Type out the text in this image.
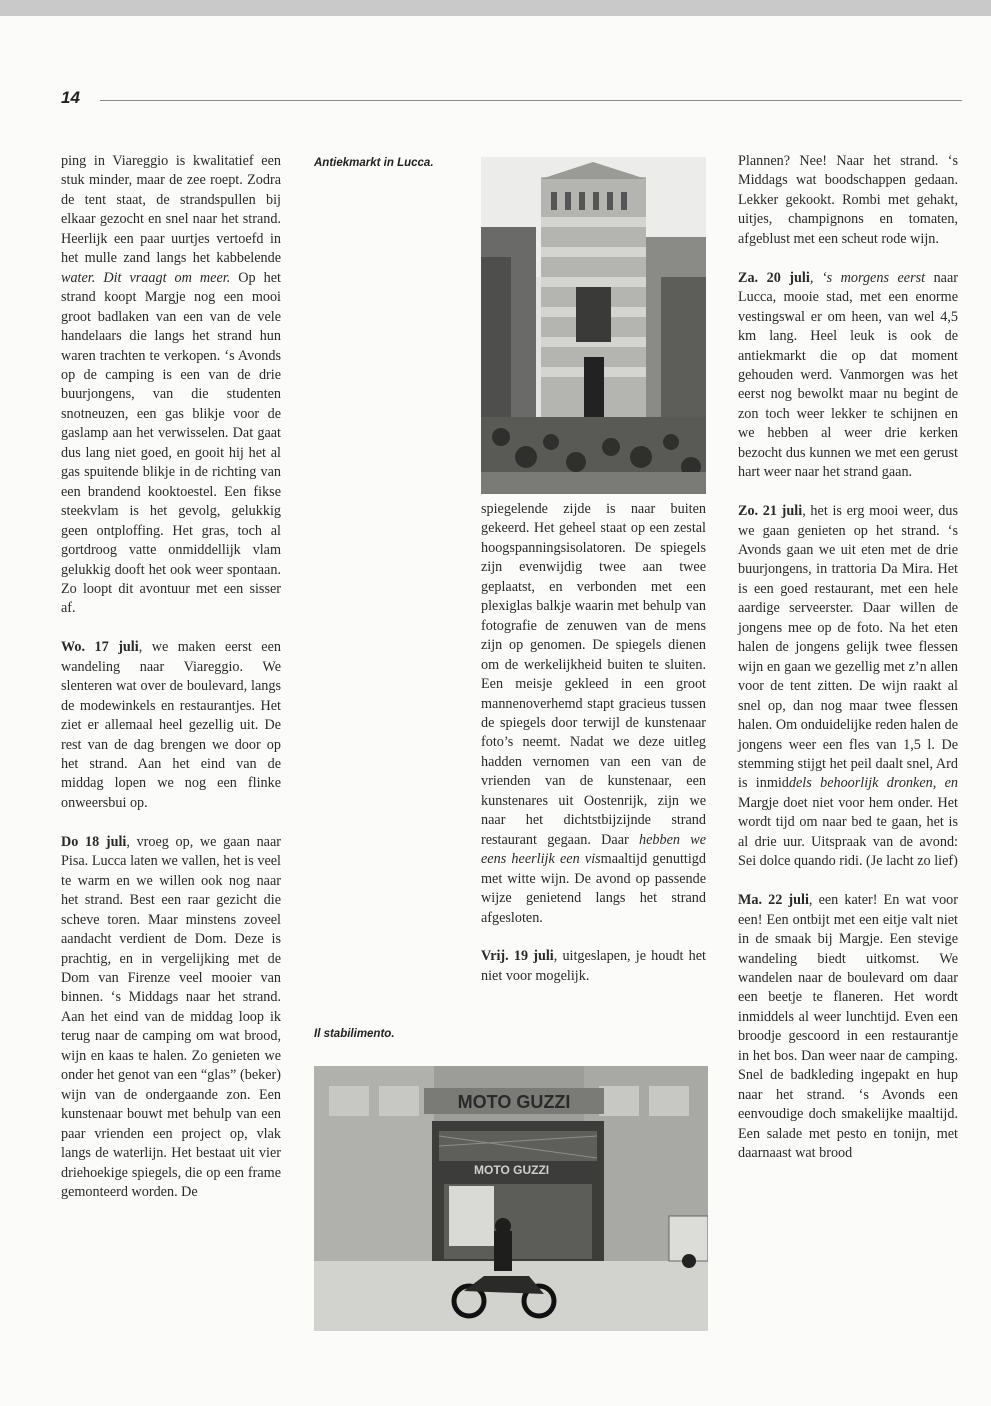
14

ping in Viareggio is kwalitatief een stuk minder, maar de zee roept. Zodra de tent staat, de strandspullen bij elkaar gezocht en snel naar het strand. Heerlijk een paar uurtjes vertoefd in het mulle zand langs het kabbelende water. Dit vraagt om meer. Op het strand koopt Margje nog een mooi groot badlaken van een van de vele handelaars die langs het strand hun waren trachten te verkopen. ‘s Avonds op de camping is een van de drie buurjongens, van die studenten snotneuzen, een gas blikje voor de gaslamp aan het verwisselen. Dat gaat dus lang niet goed, en gooit hij het al gas spuitende blikje in de richting van een brandend kooktoestel. Een fikse steekvlam is het gevolg, gelukkig geen ontploffing. Het gras, toch al gortdroog vatte onmiddellijk vlam gelukkig dooft het ook weer spontaan. Zo loopt dit avontuur met een sisser af.

Wo. 17 juli, we maken eerst een wandeling naar Viareggio. We slenteren wat over de boulevard, langs de modewinkels en restaurantjes. Het ziet er allemaal heel gezellig uit. De rest van de dag brengen we door op het strand. Aan het eind van de middag lopen we nog een flinke onweersbui op.

Do 18 juli, vroeg op, we gaan naar Pisa. Lucca laten we vallen, het is veel te warm en we willen ook nog naar het strand. Best een raar gezicht die scheve toren. Maar minstens zoveel aandacht verdient de Dom. Deze is prachtig, en in vergelijking met de Dom van Firenze veel mooier van binnen. ‘s Middags naar het strand. Aan het eind van de middag loop ik terug naar de camping om wat brood, wijn en kaas te halen. Zo genieten we onder het genot van een “glas” (beker) wijn van de ondergaande zon. Een kunstenaar bouwt met behulp van een paar vrienden een project op, vlak langs de waterlijn. Het bestaat uit vier driehoekige spiegels, die op een frame gemonteerd worden. De

Antiekmarkt in Lucca.
Il stabilimento.

spiegelende zijde is naar buiten gekeerd. Het geheel staat op een zestal hoogspanningsisolatoren. De spiegels zijn evenwijdig twee aan twee geplaatst, en verbonden met een plexiglas balkje waarin met behulp van fotografie de zenuwen van de mens zijn op genomen. De spiegels dienen om de werkelijkheid buiten te sluiten. Een meisje gekleed in een groot mannenoverhemd stapt gracieus tussen de spiegels door terwijl de kunstenaar foto’s neemt. Nadat we deze uitleg hadden vernomen van een van de vrienden van de kunstenaar, een kunstenares uit Oostenrijk, zijn we naar het dichtstbijzijnde strand restaurant gegaan. Daar hebben we eens heerlijk een vismaaltijd genuttigd met witte wijn. De avond op passende wijze genietend langs het strand afgesloten.

Vrij. 19 juli, uitgeslapen, je houdt het niet voor mogelijk.

MOTO GUZZI
MOTO GUZZI

Plannen? Nee! Naar het strand. ‘s Middags wat boodschappen gedaan. Lekker gekookt. Rombi met gehakt, uitjes, champignons en tomaten, afgeblust met een scheut rode wijn.

Za. 20 juli, ‘s morgens eerst naar Lucca, mooie stad, met een enorme vestingswal er om heen, van wel 4,5 km lang. Heel leuk is ook de antiekmarkt die op dat moment gehouden werd. Vanmorgen was het eerst nog bewolkt maar nu begint de zon toch weer lekker te schijnen en we hebben al weer drie kerken bezocht dus kunnen we met een gerust hart weer naar het strand gaan.

Zo. 21 juli, het is erg mooi weer, dus we gaan genieten op het strand. ‘s Avonds gaan we uit eten met de drie buurjongens, in trattoria Da Mira. Het is een goed restaurant, met een hele aardige serveerster. Daar willen de jongens mee op de foto. Na het eten halen de jongens gelijk twee flessen wijn en gaan we gezellig met z’n allen voor de tent zitten. De wijn raakt al snel op, dan nog maar twee flessen halen. Om onduidelijke reden halen de jongens weer een fles van 1,5 l. De stemming stijgt het peil daalt snel, Ard is inmiddels behoorlijk dronken, en Margje doet niet voor hem onder. Het wordt tijd om naar bed te gaan, het is al drie uur. Uitspraak van de avond: Sei dolce quando ridi. (Je lacht zo lief)

Ma. 22 juli, een kater! En wat voor een! Een ontbijt met een eitje valt niet in de smaak bij Margje. Een stevige wandeling biedt uitkomst. We wandelen naar de boulevard om daar een beetje te flaneren. Het wordt inmiddels al weer lunchtijd. Even een broodje gescoord in een restaurantje in het bos. Dan weer naar de camping. Snel de badkleding ingepakt en hup naar het strand. ‘s Avonds een eenvoudige doch smakelijke maaltijd. Een salade met pesto en tonijn, met daarnaast wat brood
